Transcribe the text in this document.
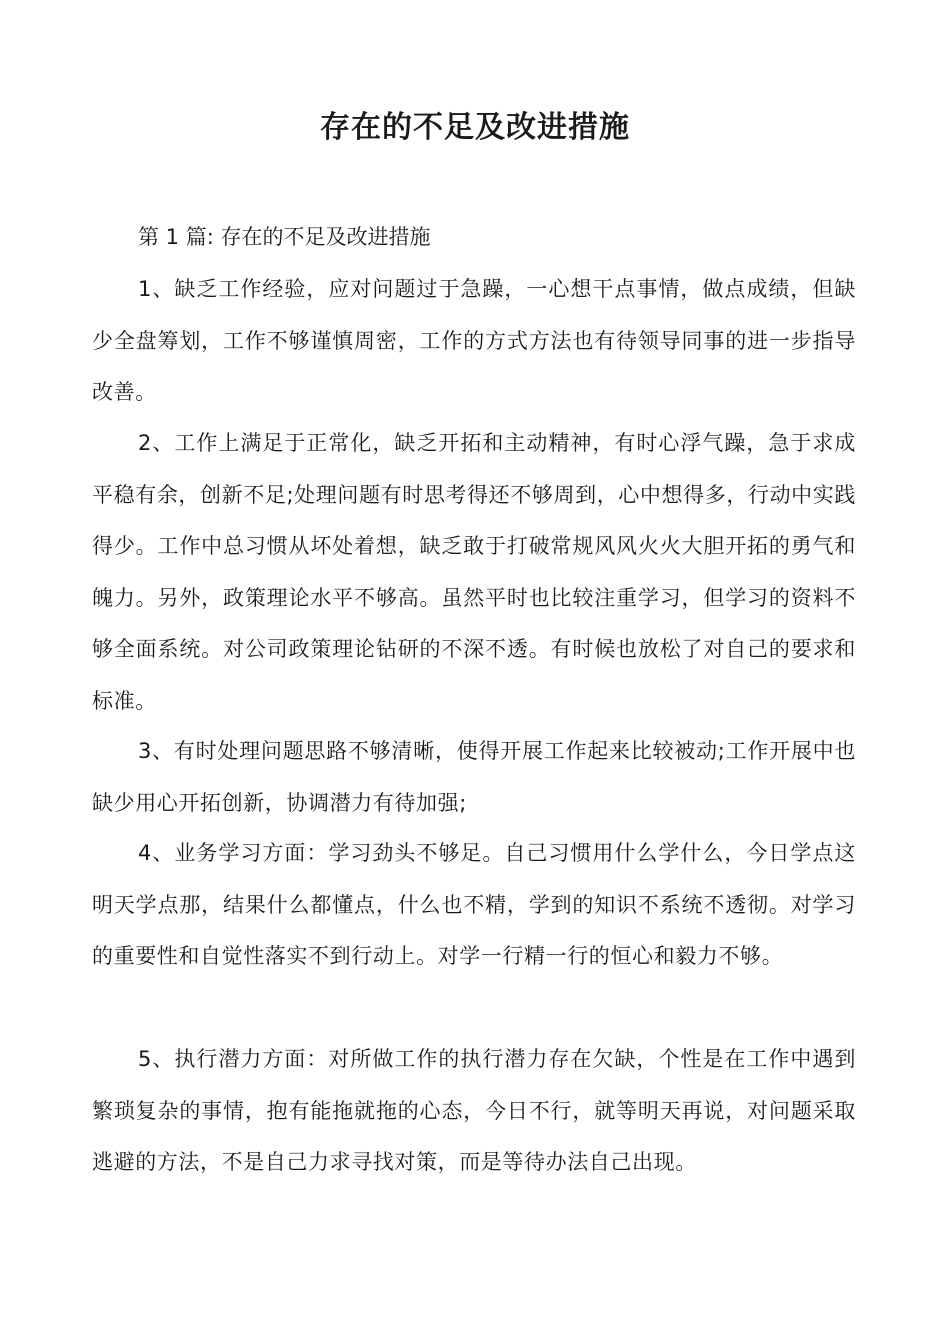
存在的不足及改进措施

第 1 篇: 存在的不足及改进措施

1、缺乏工作经验，应对问题过于急躁，一心想干点事情，做点成绩，但缺少全盘筹划，工作不够谨慎周密，工作的方式方法也有待领导同事的进一步指导改善。

2、工作上满足于正常化，缺乏开拓和主动精神，有时心浮气躁，急于求成平稳有余，创新不足;处理问题有时思考得还不够周到，心中想得多，行动中实践得少。工作中总习惯从坏处着想，缺乏敢于打破常规风风火火大胆开拓的勇气和魄力。另外，政策理论水平不够高。虽然平时也比较注重学习，但学习的资料不够全面系统。对公司政策理论钻研的不深不透。有时候也放松了对自己的要求和标准。

3、有时处理问题思路不够清晰，使得开展工作起来比较被动;工作开展中也缺少用心开拓创新，协调潜力有待加强;

4、业务学习方面：学习劲头不够足。自己习惯用什么学什么，今日学点这明天学点那，结果什么都懂点，什么也不精，学到的知识不系统不透彻。对学习的重要性和自觉性落实不到行动上。对学一行精一行的恒心和毅力不够。

5、执行潜力方面：对所做工作的执行潜力存在欠缺，个性是在工作中遇到繁琐复杂的事情，抱有能拖就拖的心态，今日不行，就等明天再说，对问题采取逃避的方法，不是自己力求寻找对策，而是等待办法自己出现。
